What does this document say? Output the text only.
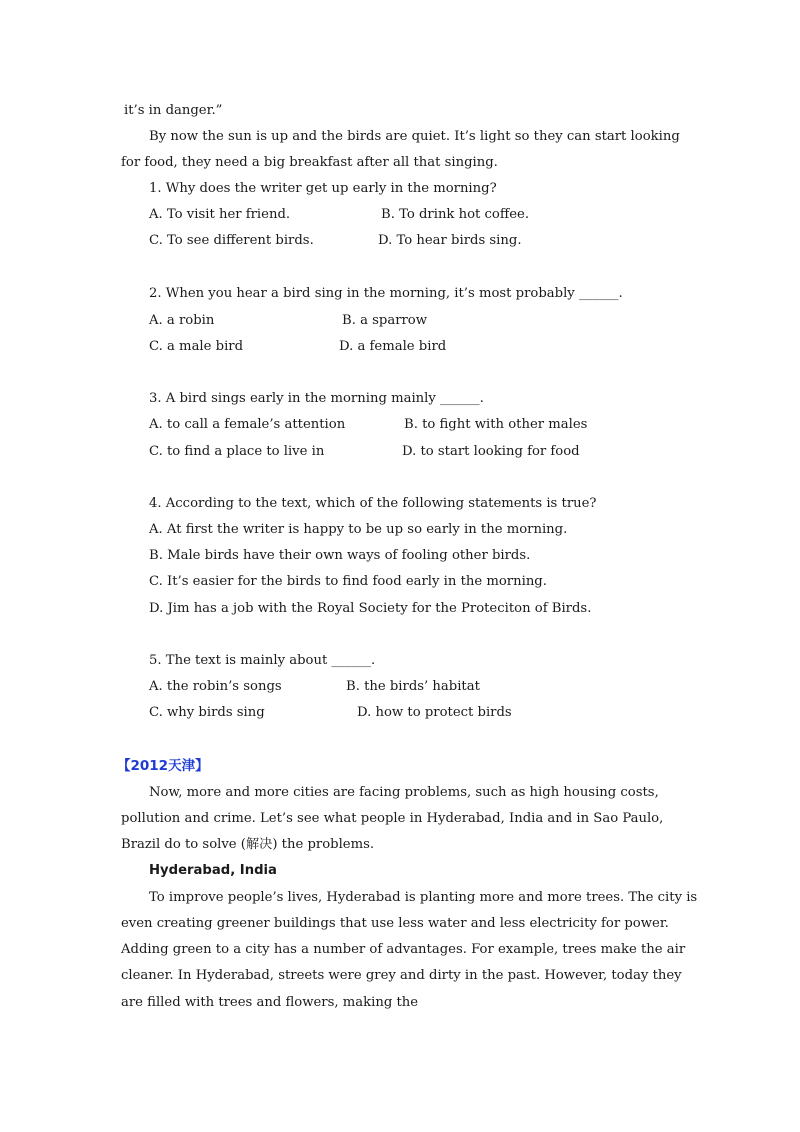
it’s in danger.”
By now the sun is up and the birds are quiet. It’s light so they can start looking
for food, they need a big breakfast after all that singing.
1. Why does the writer get up early in the morning?
A. To visit her friend.	B. To drink hot coffee.
C. To see different birds.	D. To hear birds sing.
2. When you hear a bird sing in the morning, it’s most probably ______.
A. a robin	B. a sparrow
C. a male bird	D. a female bird
3. A bird sings early in the morning mainly ______.
A. to call a female’s attention	B. to fight with other males
C. to find a place to live in	D. to start looking for food
4. According to the text, which of the following statements is true?
A. At first the writer is happy to be up so early in the morning.
B. Male birds have their own ways of fooling other birds.
C. It’s easier for the birds to find food early in the morning.
D. Jim has a job with the Royal Society for the Proteciton of Birds.
5. The text is mainly about ______.
A. the robin’s songs	B. the birds’ habitat
C. why birds sing	D. how to protect birds
【2012天津】
Now, more and more cities are facing problems, such as high housing costs,
pollution and crime. Let’s see what people in Hyderabad, India and in Sao Paulo,
Brazil do to solve (解决) the problems.
Hyderabad, India
To improve people’s lives, Hyderabad is planting more and more trees. The city is
even creating greener buildings that use less water and less electricity for power.
Adding green to a city has a number of advantages. For example, trees make the air
cleaner. In Hyderabad, streets were grey and dirty in the past. However, today they
are filled with trees and flowers, making the
